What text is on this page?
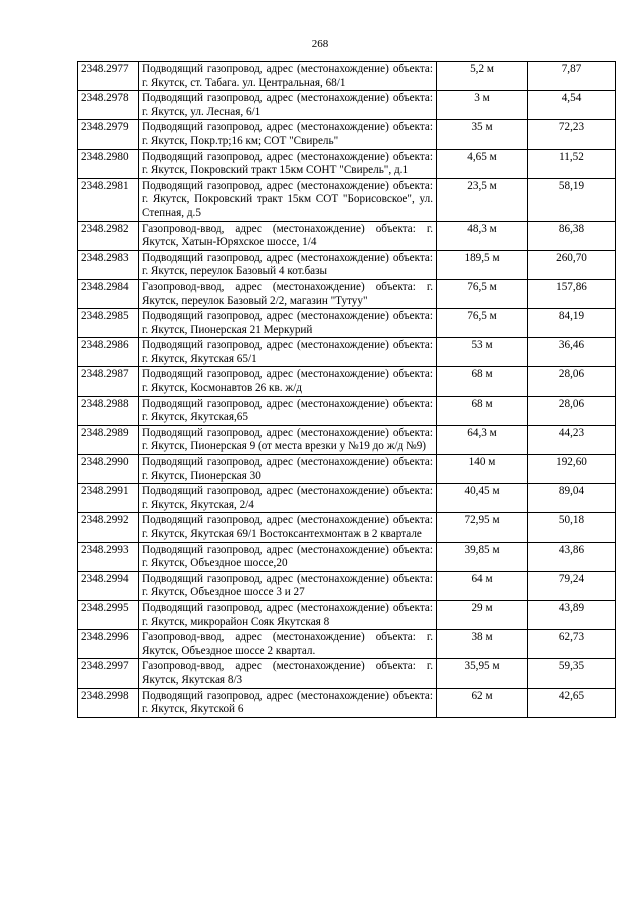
268
2348.2977	Подводящий газопровод, адрес (местонахождение) объекта: г. Якутск, ст. Табага. ул. Центральная, 68/1	5,2 м	7,87
2348.2978	Подводящий газопровод, адрес (местонахождение) объекта: г. Якутск, ул. Лесная, 6/1	3 м	4,54
2348.2979	Подводящий газопровод, адрес (местонахождение) объекта: г. Якутск, Покр.тр;16 км; СОТ "Свирель"	35 м	72,23
2348.2980	Подводящий газопровод, адрес (местонахождение) объекта: г. Якутск, Покровский тракт 15км СОНТ "Свирель", д.1	4,65 м	11,52
2348.2981	Подводящий газопровод, адрес (местонахождение) объекта: г. Якутск, Покровский тракт 15км СОТ "Борисовское", ул. Степная, д.5	23,5 м	58,19
2348.2982	Газопровод-ввод, адрес (местонахождение) объекта: г. Якутск, Хатын-Юряхское шоссе, 1/4	48,3 м	86,38
2348.2983	Подводящий газопровод, адрес (местонахождение) объекта: г. Якутск, переулок Базовый 4 кот.базы	189,5 м	260,70
2348.2984	Газопровод-ввод, адрес (местонахождение) объекта: г. Якутск, переулок Базовый 2/2, магазин "Тутуу"	76,5 м	157,86
2348.2985	Подводящий газопровод, адрес (местонахождение) объекта: г. Якутск, Пионерская 21 Меркурий	76,5 м	84,19
2348.2986	Подводящий газопровод, адрес (местонахождение) объекта: г. Якутск, Якутская 65/1	53 м	36,46
2348.2987	Подводящий газопровод, адрес (местонахождение) объекта: г. Якутск, Космонавтов 26 кв. ж/д	68 м	28,06
2348.2988	Подводящий газопровод, адрес (местонахождение) объекта: г. Якутск, Якутская,65	68 м	28,06
2348.2989	Подводящий газопровод, адрес (местонахождение) объекта: г. Якутск, Пионерская 9 (от места врезки у №19 до ж/д №9)	64,3 м	44,23
2348.2990	Подводящий газопровод, адрес (местонахождение) объекта: г. Якутск, Пионерская 30	140 м	192,60
2348.2991	Подводящий газопровод, адрес (местонахождение) объекта: г. Якутск, Якутская, 2/4	40,45 м	89,04
2348.2992	Подводящий газопровод, адрес (местонахождение) объекта: г. Якутск, Якутская 69/1 Востоксантехмонтаж в 2 квартале	72,95 м	50,18
2348.2993	Подводящий газопровод, адрес (местонахождение) объекта: г. Якутск, Объездное шоссе,20	39,85 м	43,86
2348.2994	Подводящий газопровод, адрес (местонахождение) объекта: г. Якутск, Объездное шоссе 3 и 27	64 м	79,24
2348.2995	Подводящий газопровод, адрес (местонахождение) объекта: г. Якутск, микрорайон Сояк Якутская 8	29 м	43,89
2348.2996	Газопровод-ввод, адрес (местонахождение) объекта: г. Якутск, Объездное шоссе 2 квартал.	38 м	62,73
2348.2997	Газопровод-ввод, адрес (местонахождение) объекта: г. Якутск, Якутская 8/3	35,95 м	59,35
2348.2998	Подводящий газопровод, адрес (местонахождение) объекта: г. Якутск, Якутской 6	62 м	42,65
